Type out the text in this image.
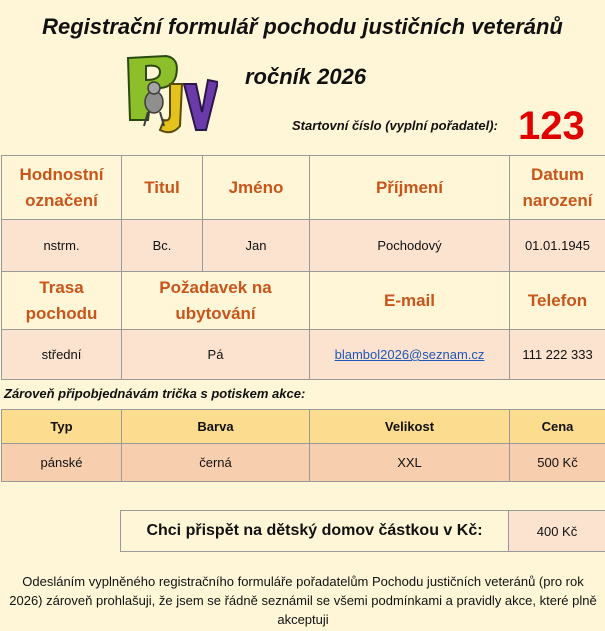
Registrační formulář pochodu justičních veteránů
ročník 2026
Startovní číslo (vyplní pořadatel): 123
Hodnostní označení	Titul	Jméno	Příjmení	Datum narození
nstrm.	Bc.	Jan	Pochodový	01.01.1945
Trasa pochodu	Požadavek na ubytování	E-mail	Telefon
střední	Pá	blambol2026@seznam.cz	111 222 333
Zároveň připobjednávám trička s potiskem akce:
Typ	Barva	Velikost	Cena
pánské	černá	XXL	500 Kč
Chci přispět na dětský domov částkou v Kč:	400 Kč
Odesláním vyplněného registračního formuláře pořadatelům Pochodu justičních veteránů (pro rok 2026) zároveň prohlašuji, že jsem se řádně seznámil se všemi podmínkami a pravidly akce, které plně akceptuji
